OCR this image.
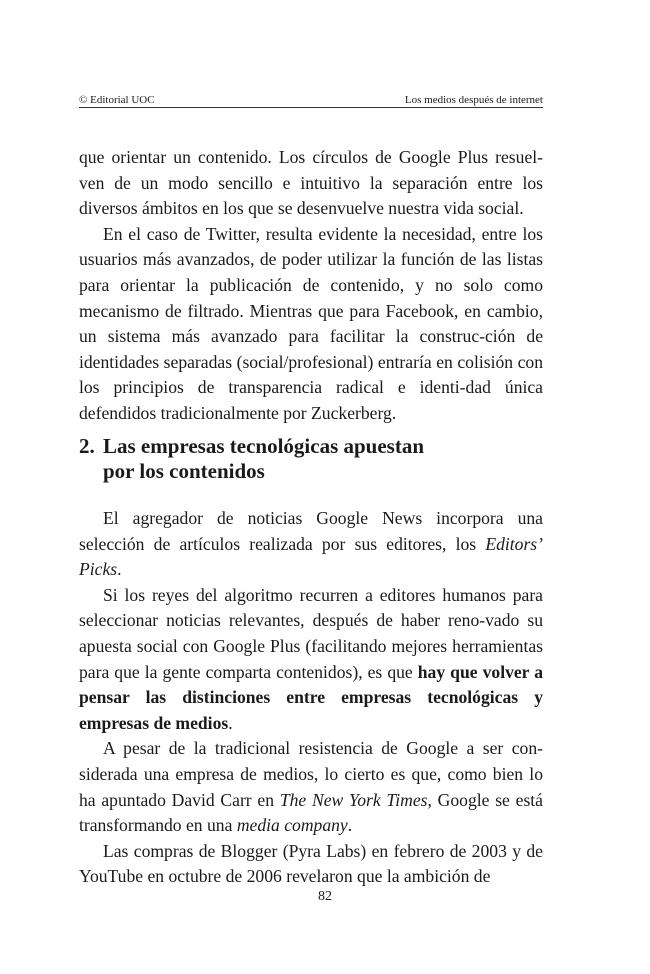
© Editorial UOC	Los medios después de internet

que orientar un contenido. Los círculos de Google Plus resuel-ven de un modo sencillo e intuitivo la separación entre los diversos ámbitos en los que se desenvuelve nuestra vida social.

En el caso de Twitter, resulta evidente la necesidad, entre los usuarios más avanzados, de poder utilizar la función de las listas para orientar la publicación de contenido, y no solo como mecanismo de filtrado. Mientras que para Facebook, en cambio, un sistema más avanzado para facilitar la construc-ción de identidades separadas (social/profesional) entraría en colisión con los principios de transparencia radical e identi-dad única defendidos tradicionalmente por Zuckerberg.

2. Las empresas tecnológicas apuestan
por los contenidos

El agregador de noticias Google News incorpora una selección de artículos realizada por sus editores, los Editors’ Picks.

Si los reyes del algoritmo recurren a editores humanos para seleccionar noticias relevantes, después de haber reno-vado su apuesta social con Google Plus (facilitando mejores herramientas para que la gente comparta contenidos), es que hay que volver a pensar las distinciones entre empresas tecnológicas y empresas de medios.

A pesar de la tradicional resistencia de Google a ser con-siderada una empresa de medios, lo cierto es que, como bien lo ha apuntado David Carr en The New York Times, Google se está transformando en una media company.

Las compras de Blogger (Pyra Labs) en febrero de 2003 y de YouTube en octubre de 2006 revelaron que la ambición de

82
